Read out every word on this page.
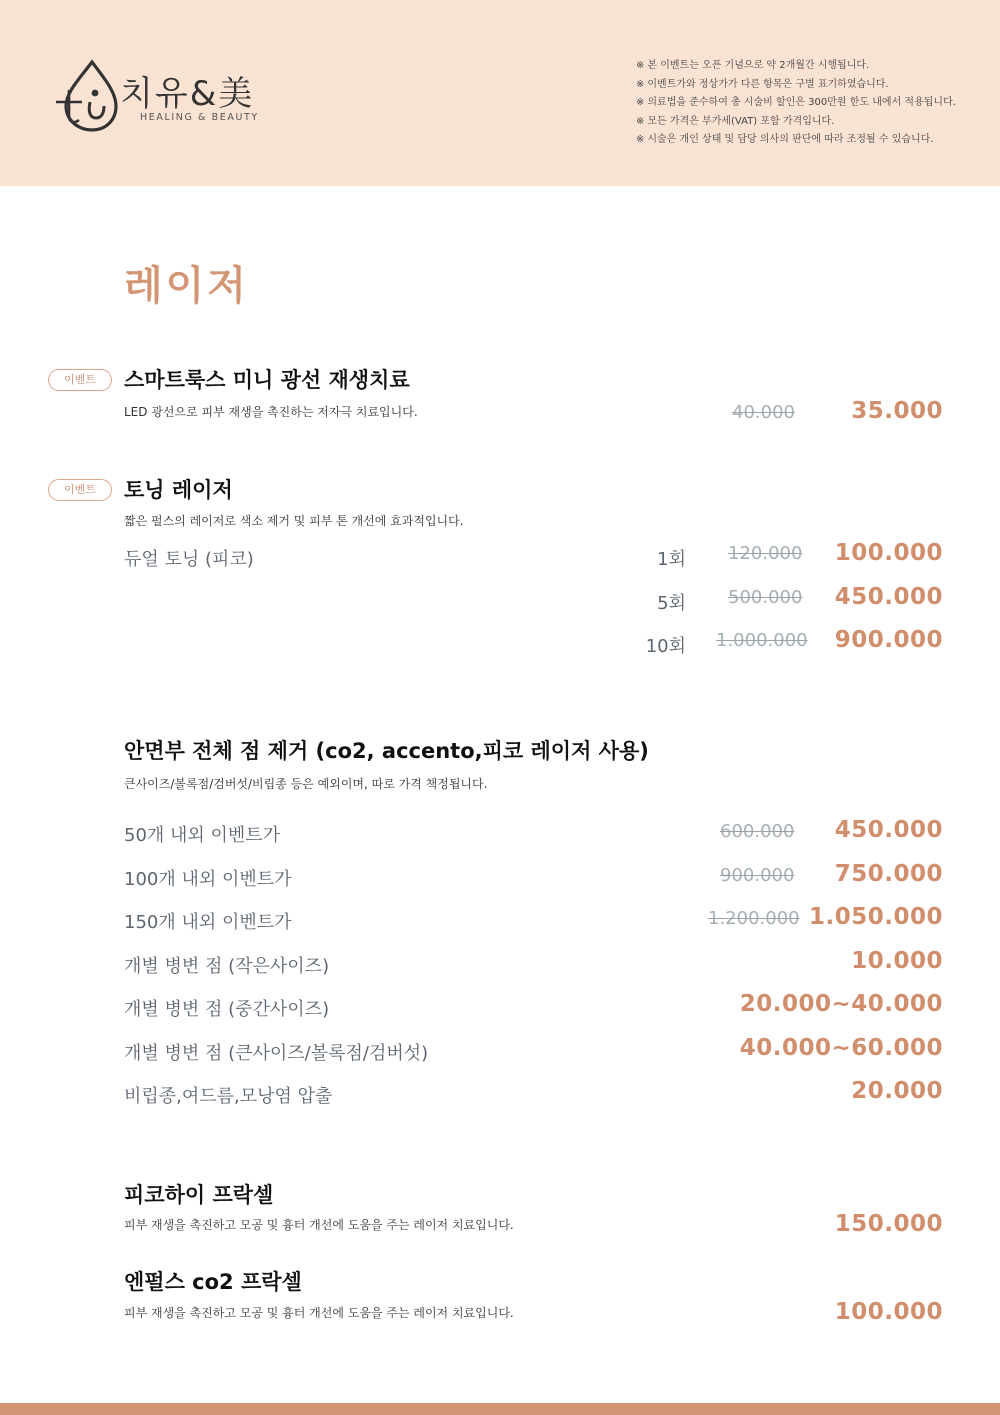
치유&美
HEALING & BEAUTY
※ 본 이벤트는 오픈 기념으로 약 2개월간 시행됩니다.
※ 이벤트가와 정상가가 다른 항목은 구별 표기하였습니다.
※ 의료법을 준수하여 총 시술비 할인은 300만원 한도 내에서 적용됩니다.
※ 모든 가격은 부가세(VAT) 포함 가격입니다.
※ 시술은 개인 상태 및 담당 의사의 판단에 따라 조정될 수 있습니다.
레이저
이벤트	스마트룩스 미니 광선 재생치료
LED 광선으로 피부 재생을 촉진하는 저자극 치료입니다.	40.000 35.000
이벤트	토닝 레이저
짧은 펄스의 레이저로 색소 제거 및 피부 톤 개선에 효과적입니다.
듀얼 토닝 (피코)	1회	120.000 100.000
5회	500.000 450.000
10회	1.000.000 900.000
안면부 전체 점 제거 (co2, accento,피코 레이저 사용)
큰사이즈/볼록점/검버섯/비립종 등은 예외이며, 따로 가격 책정됩니다.
50개 내외 이벤트가	600.000 450.000
100개 내외 이벤트가	900.000 750.000
150개 내외 이벤트가	1.200.000 1.050.000
개별 병변 점 (작은사이즈)	10.000
개별 병변 점 (중간사이즈)	20.000~40.000
개별 병변 점 (큰사이즈/볼록점/검버섯)	40.000~60.000
비립종,여드름,모낭염 압출	20.000
피코하이 프락셀
피부 재생을 촉진하고 모공 및 흉터 개선에 도움을 주는 레이저 치료입니다.	150.000
엔펄스 co2 프락셀
피부 재생을 촉진하고 모공 및 흉터 개선에 도움을 주는 레이저 치료입니다.	100.000
